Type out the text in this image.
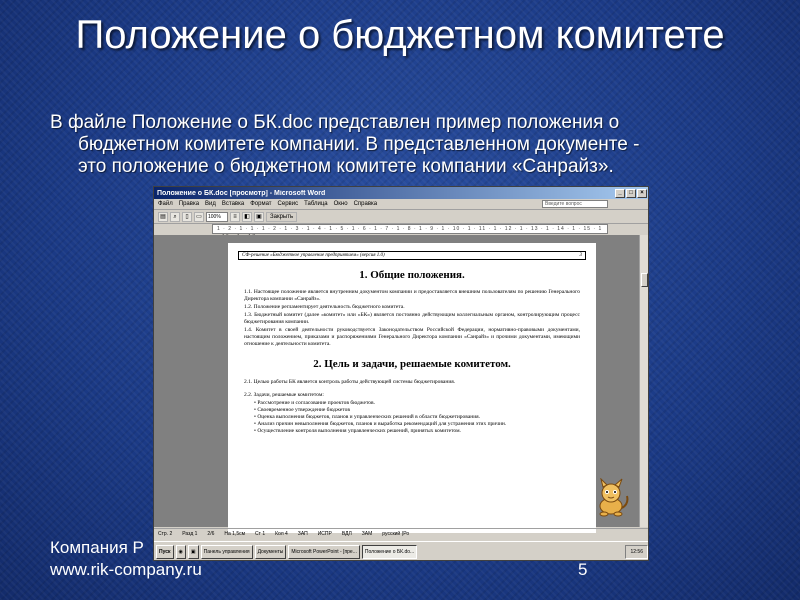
Положение о бюджетном комитете
В файле Положение о БК.doc представлен пример положения о
бюджетном комитете компании. В представленном документе -
это положение о бюджетном комитете компании «Санрайз».
Положение о БК.doc [просмотр] - Microsoft Word	_	□	×
Файл Правка Вид Вставка Формат Сервис Таблица Окно Справка	Введите вопрос
▤	⌕	▯	▭	100%	≡	◧	▣	Закрыть
1 · 2 · 1 · 1 · 1 · 2 · 1 · 3 · 1 · 4 · 1 · 5 · 1 · 6 · 1 · 7 · 1 · 8 · 1 · 9 · 1 · 10 · 1 · 11 · 1 · 12 · 1 · 13 · 1 · 14 · 1 · 15 · 1
СФ-решение «Бюджетное управление предприятием» (версия 1.0)	3
1. Общие положения.
1.1. Настоящее положение является внутренним документом компании и предоставляется внешним пользователям по решению Генерального Директора компании «Санрайз».
1.2. Положение регламентирует деятельность бюджетного комитета.
1.3. Бюджетный комитет (далее «комитет» или «БК») является постоянно действующим коллегиальным органом, контролирующим процесс бюджетирования компании.
1.4. Комитет в своей деятельности руководствуется Законодательством Российской Федерации, нормативно-правовыми документами, настоящим положением, приказами и распоряжениями Генерального Директора компании «Санрайз» и прочими документами, имеющими отношение к деятельности комитета.
2. Цель и задачи, решаемые комитетом.
2.1. Целью работы БК является контроль работы действующей системы бюджетирования.
2.2. Задачи, решаемые комитетом:
• Рассмотрение и согласование проектов бюджетов.
• Своевременное утверждение бюджетов
• Оценка выполнения бюджетов, планов и управленческих решений в области бюджетирования.
• Анализ причин невыполнения бюджетов, планов и выработка рекомендаций для устранения этих причин.
• Осуществление контроля выполнения управленческих решений, принятых комитетом.
Стр. 2 Разд 1 2/6 На 1,5см Ст 1 Кол 4 ЗАП ИСПР ВДЛ ЗАМ русский (Ро
Пуск	◉	▣	Панель управления	Документы	Microsoft PowerPoint - [пре...	Положение о БК.do...	12:56
Компания Р
www.rik-company.ru	5
